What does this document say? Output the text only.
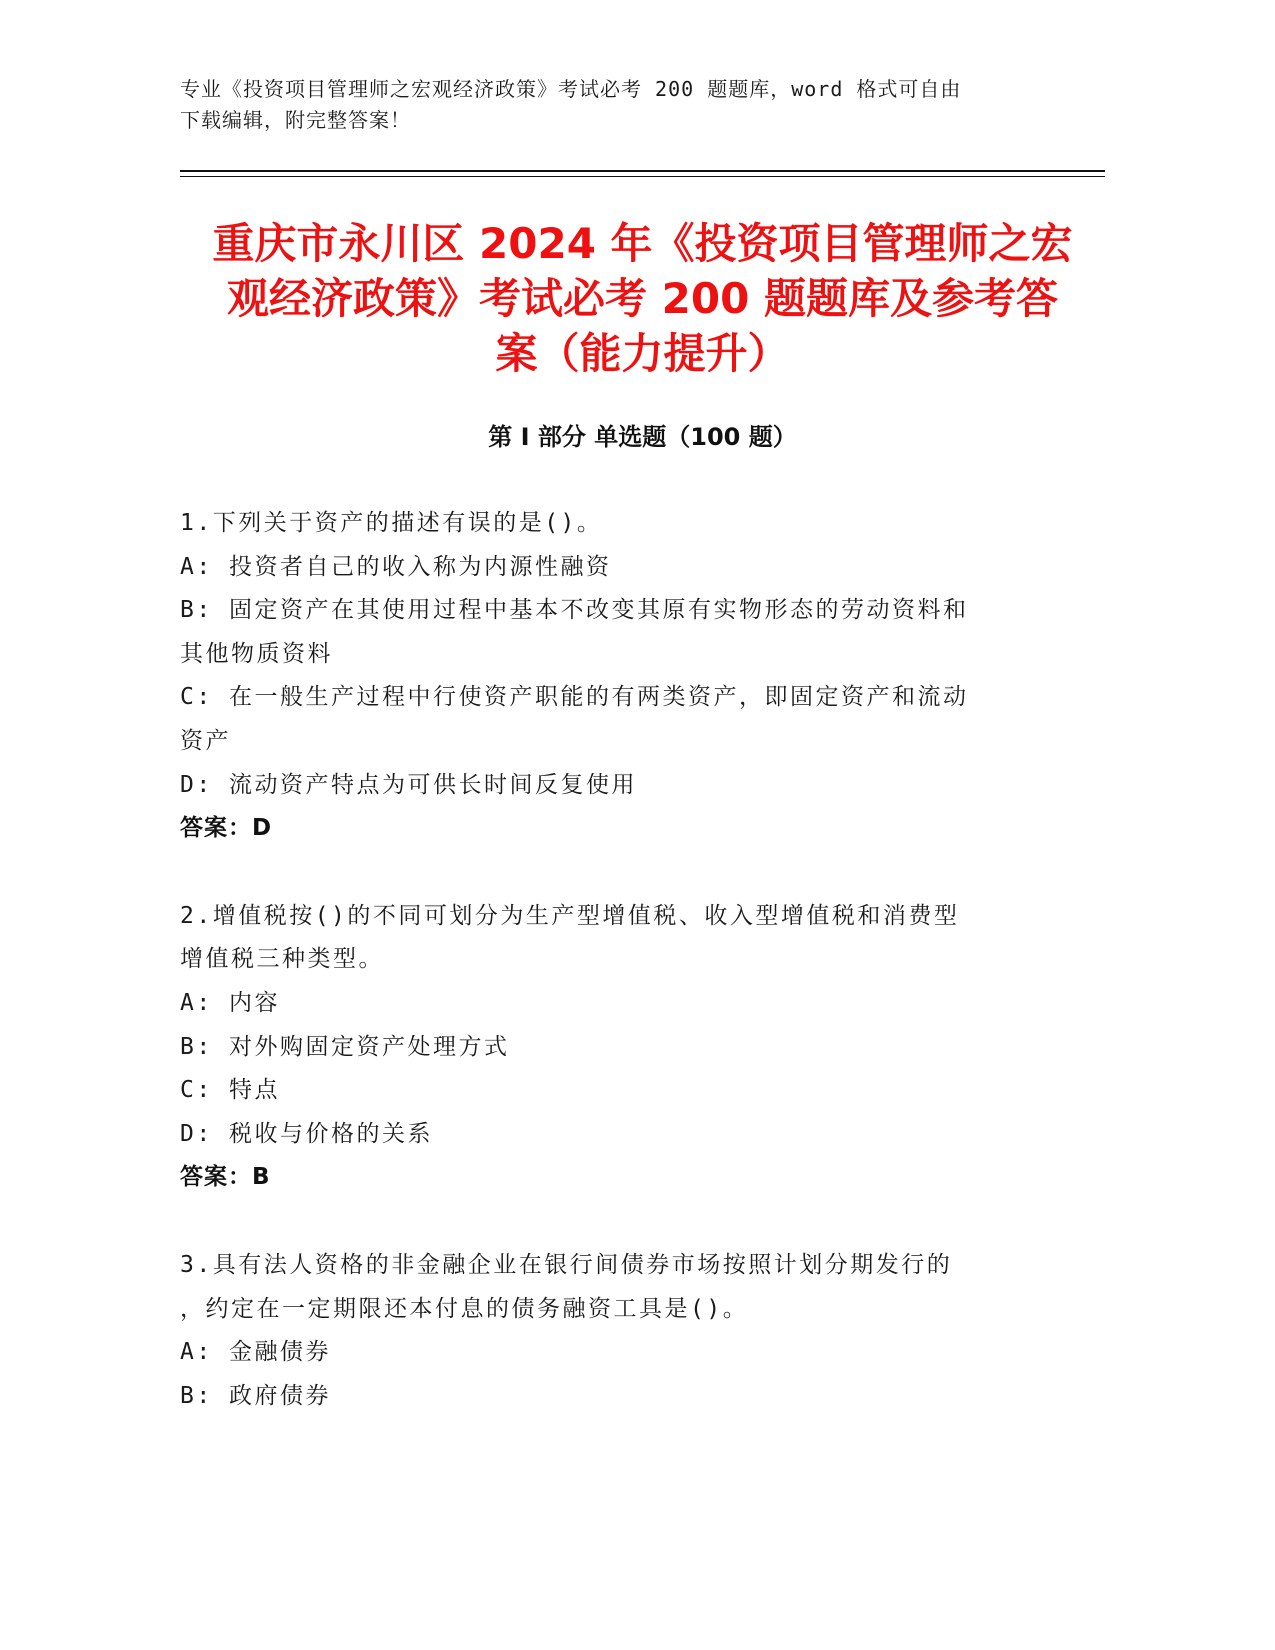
专业《投资项目管理师之宏观经济政策》考试必考 200 题题库，word 格式可自由
下载编辑，附完整答案！
重庆市永川区 2024 年《投资项目管理师之宏
观经济政策》考试必考 200 题题库及参考答
案（能力提升）
第 I 部分 单选题（100 题）
1.下列关于资产的描述有误的是()。
A: 投资者自己的收入称为内源性融资
B: 固定资产在其使用过程中基本不改变其原有实物形态的劳动资料和
其他物质资料
C: 在一般生产过程中行使资产职能的有两类资产，即固定资产和流动
资产
D: 流动资产特点为可供长时间反复使用
答案：D
2.增值税按()的不同可划分为生产型增值税、收入型增值税和消费型
增值税三种类型。
A: 内容
B: 对外购固定资产处理方式
C: 特点
D: 税收与价格的关系
答案：B
3.具有法人资格的非金融企业在银行间债券市场按照计划分期发行的
，约定在一定期限还本付息的债务融资工具是()。
A: 金融债券
B: 政府债券
